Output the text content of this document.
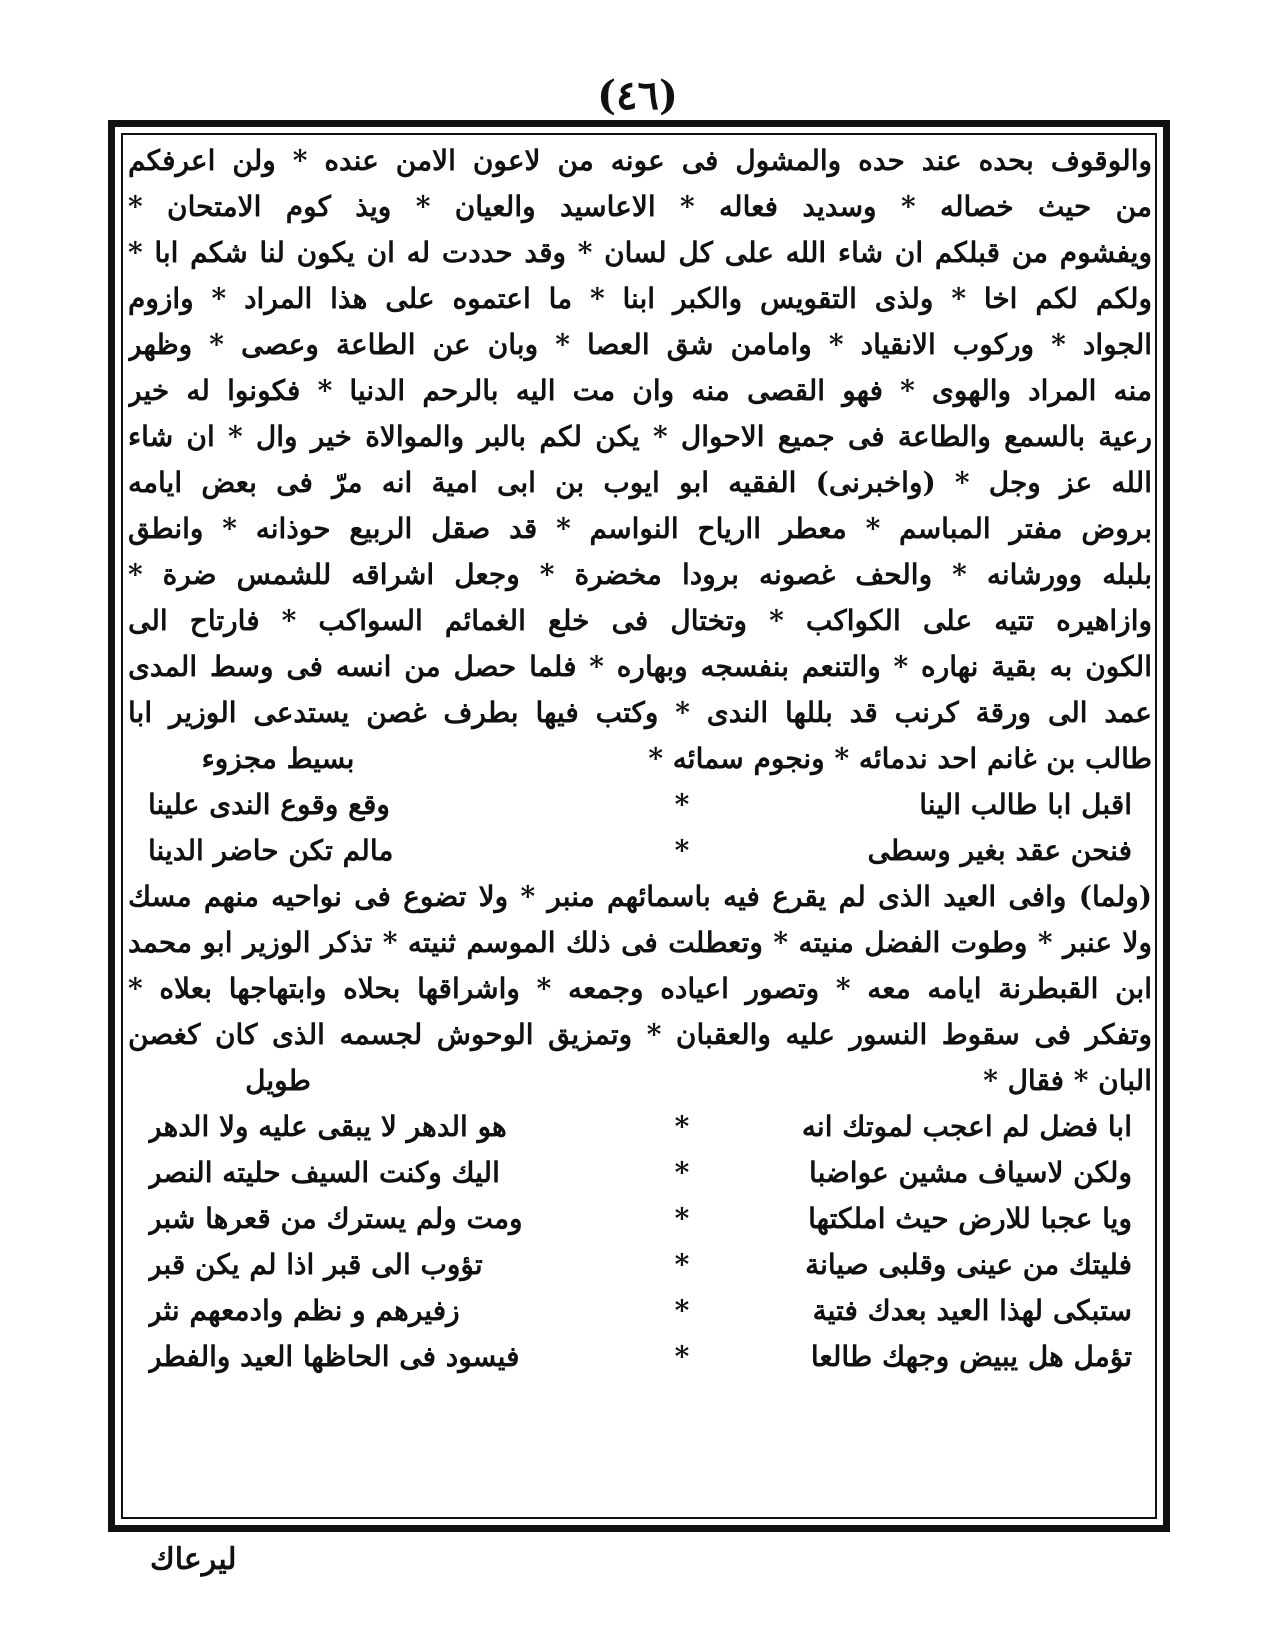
(٤٦)
والوقوف بحده عند حده والمشول فى عونه من لاعون الامن عنده * ولن اعرفكم
من حيث خصاله * وسديد فعاله * الاعاسيد والعيان * ويذ كوم الامتحان *
ويفشوم من قبلكم ان شاء الله على كل لسان * وقد حددت له ان يكون لنا شكم ابا *
ولكم لكم اخا * ولذى التقويس والكبر ابنا * ما اعتموه على هذا المراد * وازوم
الجواد * وركوب الانقياد * وامامن شق العصا * وبان عن الطاعة وعصى * وظهر
منه المراد والهوى * فهو القصى منه وان مت اليه بالرحم الدنيا * فكونوا له خير
رعية بالسمع والطاعة فى جميع الاحوال * يكن لكم بالبر والموالاة خير وال * ان شاء
الله عز وجل * (واخبرنى) الفقيه ابو ايوب بن ابى امية انه مرّ فى بعض ايامه
بروض مفتر المباسم * معطر اارياح النواسم * قد صقل الربيع حوذانه * وانطق
بلبله وورشانه * والحف غصونه برودا مخضرة * وجعل اشراقه للشمس ضرة *
وازاهيره تتيه على الكواكب * وتختال فى خلع الغمائم السواكب * فارتاح الى
الكون به بقية نهاره * والتنعم بنفسجه وبهاره * فلما حصل من انسه فى وسط المدى
عمد الى ورقة كرنب قد بللها الندى * وكتب فيها بطرف غصن يستدعى الوزير ابا
طالب بن غانم احد ندمائه * ونجوم سمائه *
بسيط مجزوء
اقبل ابا طالب الينا
*
وقع وقوع الندى علينا
فنحن عقد بغير وسطى
*
مالم تكن حاضر الدينا
(ولما) وافى العيد الذى لم يقرع فيه باسمائهم منبر * ولا تضوع فى نواحيه منهم مسك
ولا عنبر * وطوت الفضل منيته * وتعطلت فى ذلك الموسم ثنيته * تذكر الوزير ابو محمد
ابن القبطرنة ايامه معه * وتصور اعياده وجمعه * واشراقها بحلاه وابتهاجها بعلاه *
وتفكر فى سقوط النسور عليه والعقبان * وتمزيق الوحوش لجسمه الذى كان كغصن
البان * فقال *
طويل
ابا فضل لم اعجب لموتك انه
*
هو الدهر لا يبقى عليه ولا الدهر
ولكن لاسياف مشين عواضبا
*
اليك وكنت السيف حليته النصر
ويا عجبا للارض حيث املكتها
*
ومت ولم يسترك من قعرها شبر
فليتك من عينى وقلبى صيانة
*
تؤوب الى قبر اذا لم يكن قبر
ستبكى لهذا العيد بعدك فتية
*
زفيرهم و نظم وادمعهم نثر
تؤمل هل يبيض وجهك طالعا
*
فيسود فى الحاظها العيد والفطر
ليرعاك
